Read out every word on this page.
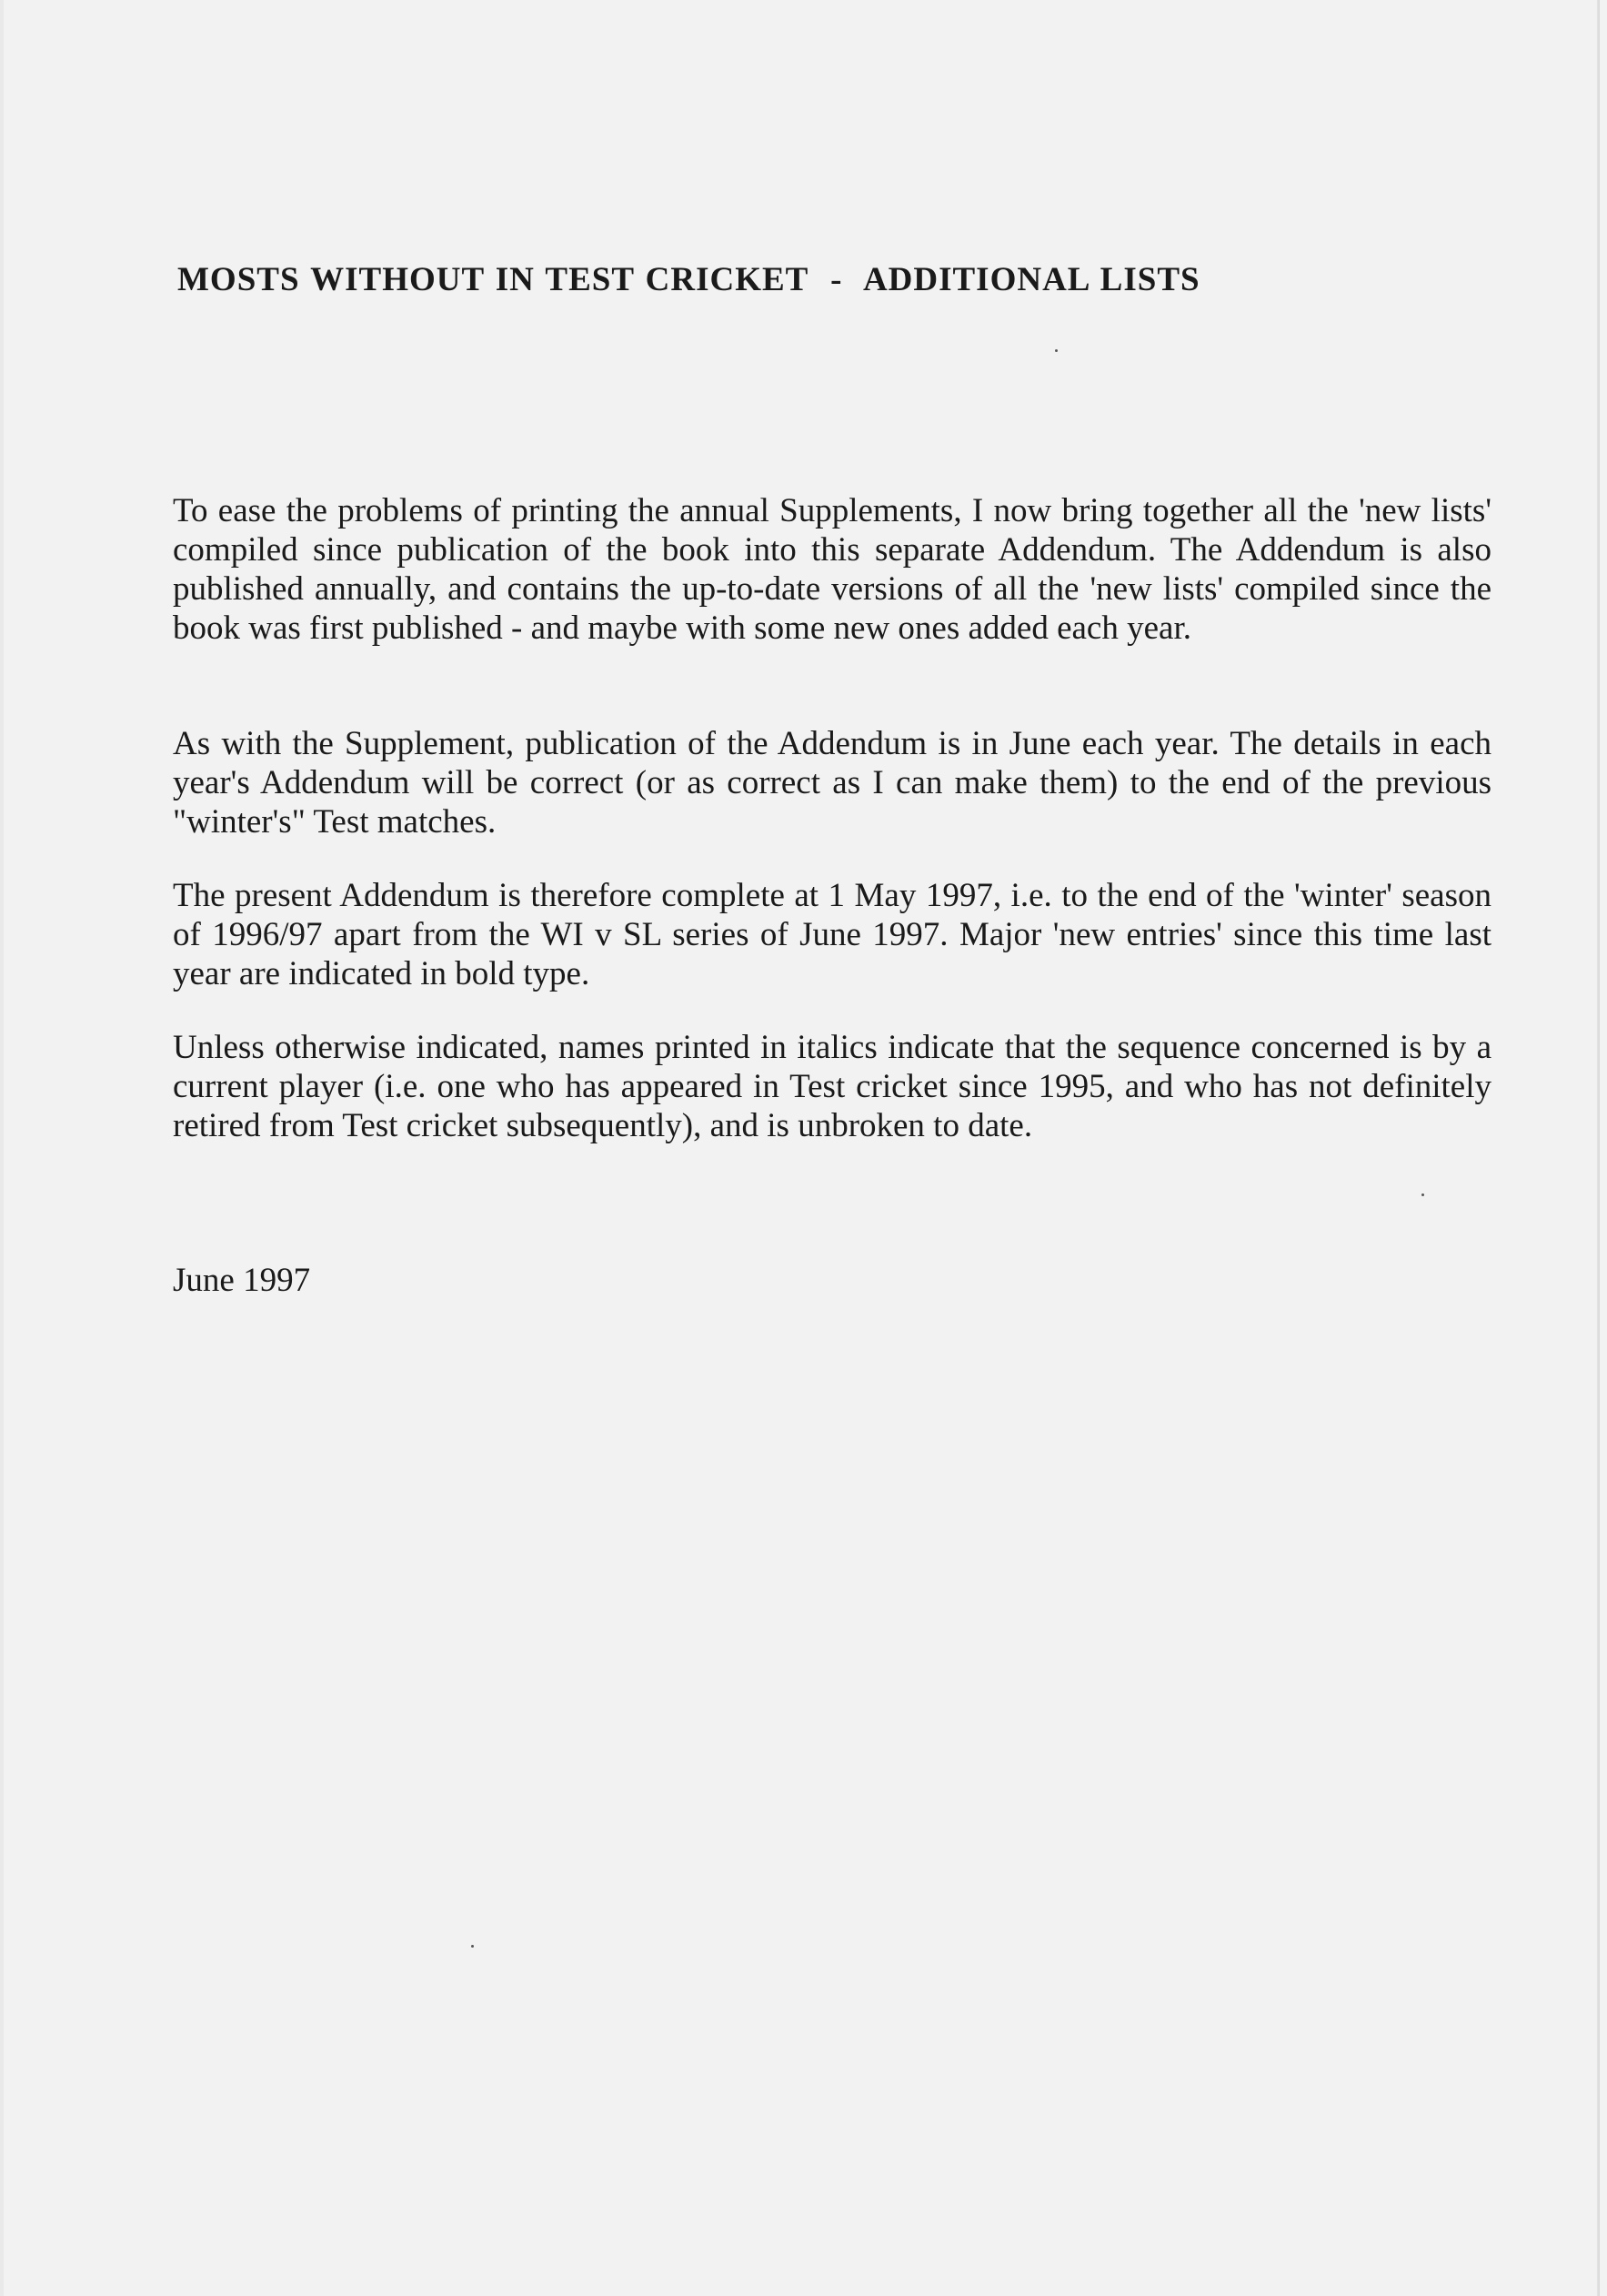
MOSTS WITHOUT IN TEST CRICKET  -  ADDITIONAL LISTS

To ease the problems of printing the annual Supplements, I now bring together all the 'new lists' compiled since publication of the book into this separate Addendum. The Addendum is also published annually, and contains the up-to-date versions of all the 'new lists' compiled since the book was first published - and maybe with some new ones added each year.

As with the Supplement, publication of the Addendum is in June each year. The details in each year's Addendum will be correct (or as correct as I can make them) to the end of the previous "winter's" Test matches.

The present Addendum is therefore complete at 1 May 1997, i.e. to the end of the 'winter' season of 1996/97 apart from the WI v SL series of June 1997. Major 'new entries' since this time last year are indicated in bold type.

Unless otherwise indicated, names printed in italics indicate that the sequence concerned is by a current player (i.e. one who has appeared in Test cricket since 1995, and who has not definitely retired from Test cricket subsequently), and is unbroken to date.

June 1997
